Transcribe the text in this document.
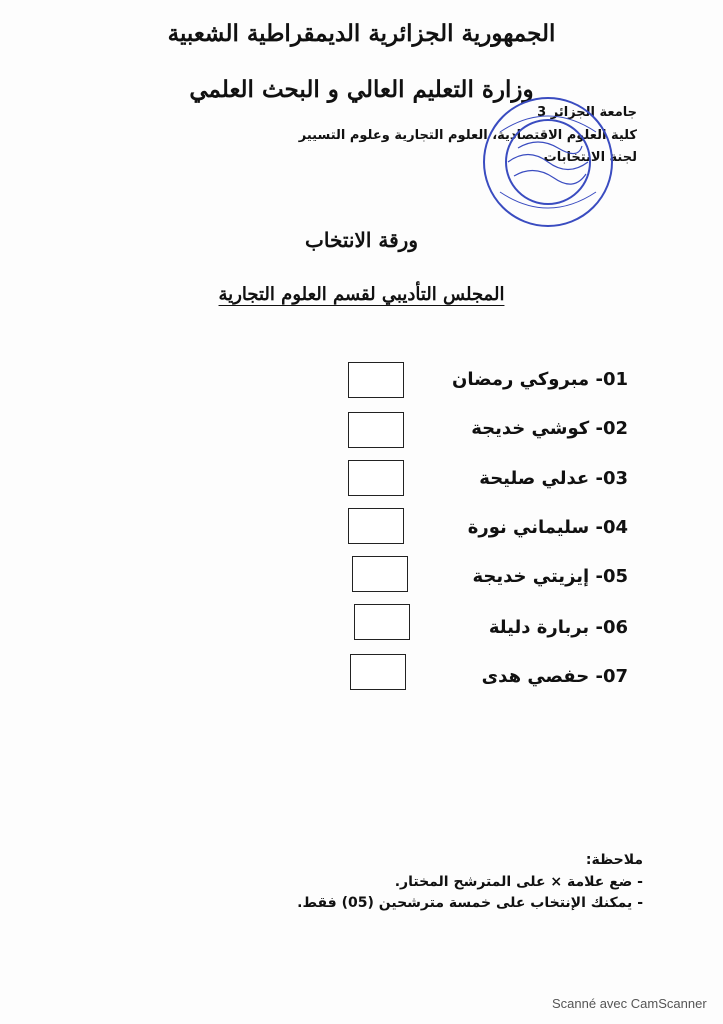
الجمهورية الجزائرية الديمقراطية الشعبية
وزارة التعليم العالي و البحث العلمي
جامعة الجزائر 3
كلية العلوم الاقتصادية، العلوم التجارية وعلوم التسيير
لجنة الانتخابات
ورقة الانتخاب
المجلس التأديبي لقسم العلوم التجارية
01- مبروكي رمضان
02- كوشي خديجة
03- عدلي صليحة
04- سليماني نورة
05- إيزيتي خديجة
06- بربارة دليلة
07- حفصي هدى
ملاحظة:
- ضع علامة × على المترشح المختار.
- يمكنك الإنتخاب على خمسة مترشحين (05) فقط.
Scanné avec CamScanner
